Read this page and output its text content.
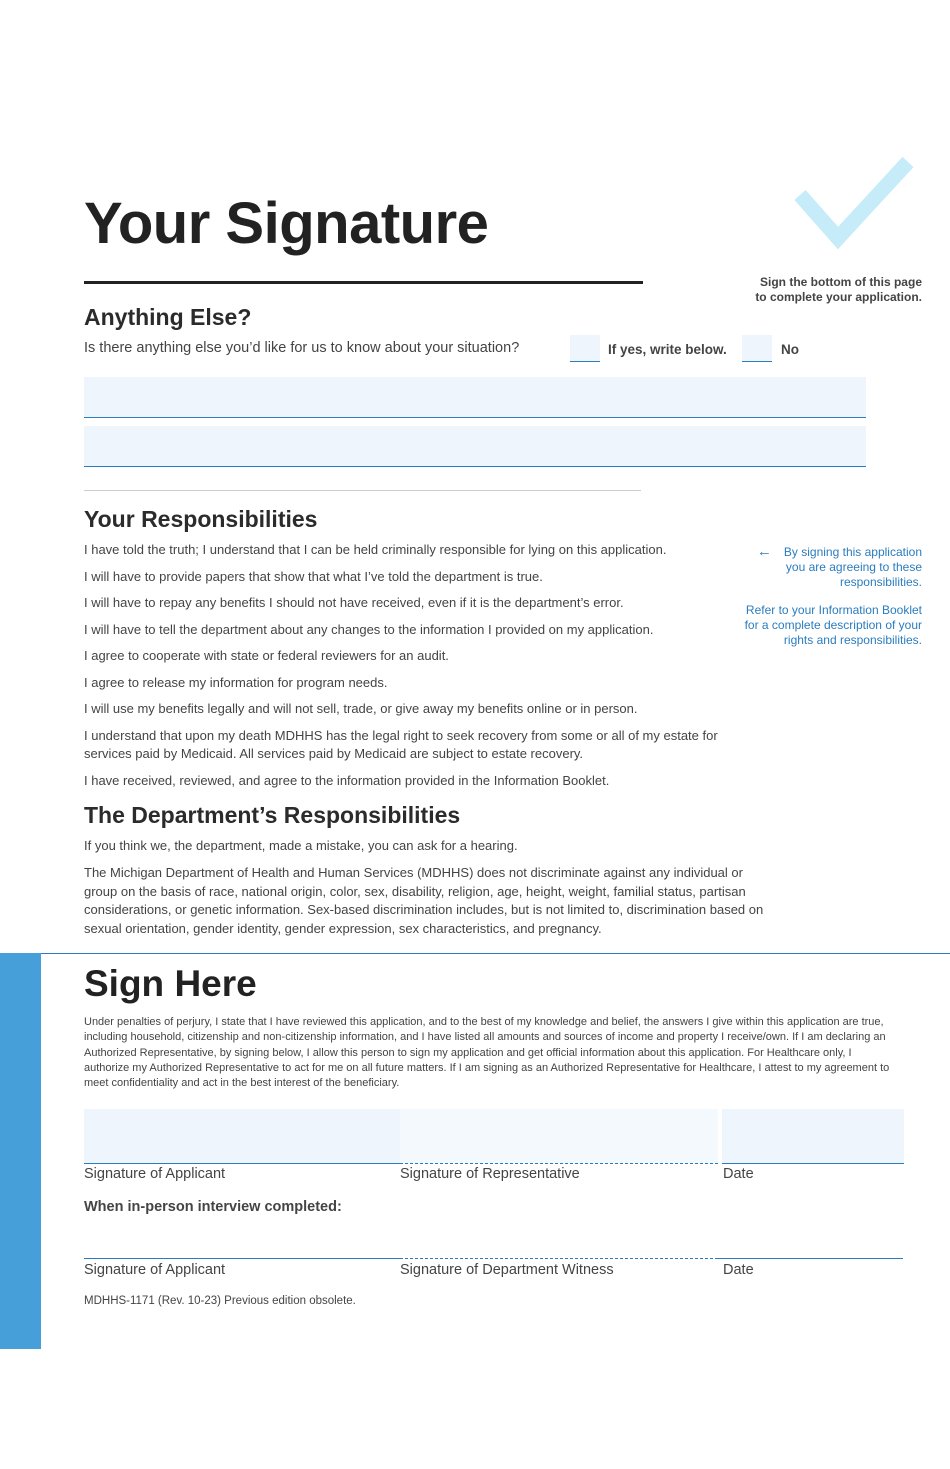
Your Signature
Sign the bottom of this page
to complete your application.
Anything Else?
Is there anything else you’d like for us to know about your situation?	If yes, write below.	No
Your Responsibilities
I have told the truth; I understand that I can be held criminally responsible for lying on this application.
I will have to provide papers that show that what I’ve told the department is true.
I will have to repay any benefits I should not have received, even if it is the department’s error.
I will have to tell the department about any changes to the information I provided on my application.
I agree to cooperate with state or federal reviewers for an audit.
I agree to release my information for program needs.
I will use my benefits legally and will not sell, trade, or give away my benefits online or in person.
I understand that upon my death MDHHS has the legal right to seek recovery from some or all of my estate for services paid by Medicaid. All services paid by Medicaid are subject to estate recovery.
I have received, reviewed, and agree to the information provided in the Information Booklet.
← By signing this application
you are agreeing to these
responsibilities.
Refer to your Information Booklet
for a complete description of your
rights and responsibilities.
The Department’s Responsibilities

If you think we, the department, made a mistake, you can ask for a hearing.

The Michigan Department of Health and Human Services (MDHHS) does not discriminate against any individual or group on the basis of race, national origin, color, sex, disability, religion, age, height, weight, familial status, partisan considerations, or genetic information. Sex-based discrimination includes, but is not limited to, discrimination based on sexual orientation, gender identity, gender expression, sex characteristics, and pregnancy.

Sign Here

Under penalties of perjury, I state that I have reviewed this application, and to the best of my knowledge and belief, the answers I give within this application are true, including household, citizenship and non-citizenship information, and I have listed all amounts and sources of income and property I receive/own. If I am declaring an Authorized Representative, by signing below, I allow this person to sign my application and get official information about this application. For Healthcare only, I authorize my Authorized Representative to act for me on all future matters. If I am signing as an Authorized Representative for Healthcare, I attest to my agreement to meet confidentiality and act in the best interest of the beneficiary.

Signature of Applicant	Signature of Representative	Date
When in-person interview completed:
Signature of Applicant	Signature of Department Witness	Date
MDHHS-1171 (Rev. 10-23) Previous edition obsolete.
